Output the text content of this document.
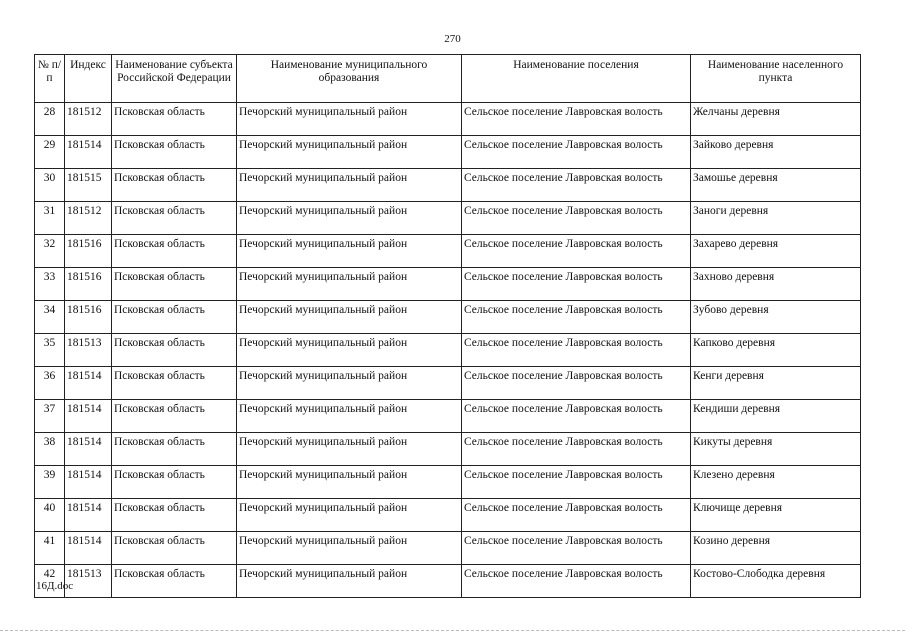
270
№ п/п	Индекс	Наименование субъекта Российской Федерации	Наименование муниципального образования	Наименование поселения	Наименование населенного пункта
28	181512	Псковская область	Печорский муниципальный район	Сельское поселение Лавровская волость	Желчаны деревня
29	181514	Псковская область	Печорский муниципальный район	Сельское поселение Лавровская волость	Зайково деревня
30	181515	Псковская область	Печорский муниципальный район	Сельское поселение Лавровская волость	Замошье деревня
31	181512	Псковская область	Печорский муниципальный район	Сельское поселение Лавровская волость	Заноги деревня
32	181516	Псковская область	Печорский муниципальный район	Сельское поселение Лавровская волость	Захарево деревня
33	181516	Псковская область	Печорский муниципальный район	Сельское поселение Лавровская волость	Захново деревня
34	181516	Псковская область	Печорский муниципальный район	Сельское поселение Лавровская волость	Зубово деревня
35	181513	Псковская область	Печорский муниципальный район	Сельское поселение Лавровская волость	Капково деревня
36	181514	Псковская область	Печорский муниципальный район	Сельское поселение Лавровская волость	Кенги деревня
37	181514	Псковская область	Печорский муниципальный район	Сельское поселение Лавровская волость	Кендиши деревня
38	181514	Псковская область	Печорский муниципальный район	Сельское поселение Лавровская волость	Кикуты деревня
39	181514	Псковская область	Печорский муниципальный район	Сельское поселение Лавровская волость	Клезено деревня
40	181514	Псковская область	Печорский муниципальный район	Сельское поселение Лавровская волость	Ключище деревня
41	181514	Псковская область	Печорский муниципальный район	Сельское поселение Лавровская волость	Козино деревня
42	181513	Псковская область	Печорский муниципальный район	Сельское поселение Лавровская волость	Костово-Слободка деревня
16Д.doc
